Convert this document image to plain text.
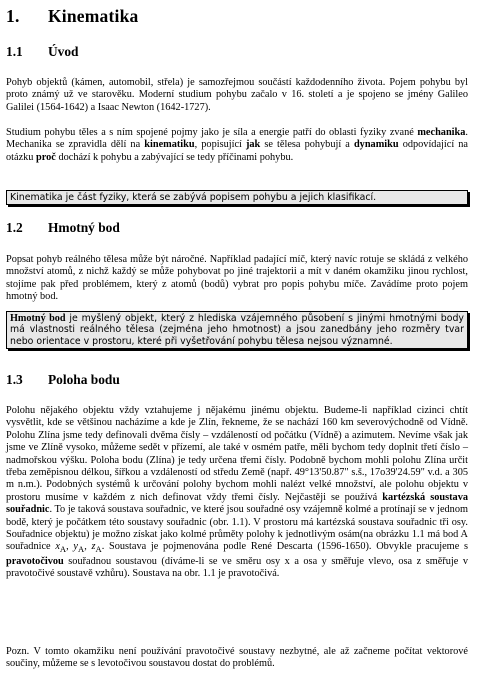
1. Kinematika
1.1 Úvod

Pohyb objektů (kámen, automobil, střela) je samozřejmou součástí každodenního života. Pojem pohybu byl proto známý už ve starověku. Moderní studium pohybu začalo v 16. století a je spojeno se jmény Galileo Galilei (1564-1642) a Isaac Newton (1642-1727).

Studium pohybu těles a s ním spojené pojmy jako je síla a energie patří do oblasti fyziky zvané mechanika. Mechanika se zpravidla dělí na kinematiku, popisující jak se tělesa pohybují a dynamiku odpovídající na otázku proč dochází k pohybu a zabývající se tedy příčinami pohybu.

Kinematika je část fyziky, která se zabývá popisem pohybu a jejich klasifikací.
1.2 Hmotný bod

Popsat pohyb reálného tělesa může být náročné. Například padající míč, který navíc rotuje se skládá z velkého množství atomů, z nichž každý se může pohybovat po jiné trajektorii a mít v daném okamžiku jinou rychlost, stojíme pak před problémem, který z atomů (bodů) vybrat pro popis pohybu míče. Zavádíme proto pojem hmotný bod.

Hmotný bod je myšlený objekt, který z hlediska vzájemného působení s jinými hmotnými body má vlastnosti reálného tělesa (zejména jeho hmotnost) a jsou zanedbány jeho rozměry tvar nebo orientace v prostoru, které při vyšetřování pohybu tělesa nejsou významné.
1.3 Poloha bodu

Polohu nějakého objektu vždy vztahujeme j nějakému jinému objektu. Budeme-li například cizinci chtít vysvětlit, kde se většinou nacházíme a kde je Zlín, řekneme, že se nachází 160 km severovýchodně od Vídně. Polohu Zlína jsme tedy definovali dvěma čísly – vzdáleností od počátku (Vídně) a azimutem. Nevíme však jak jsme ve Zlíně vysoko, můžeme sedět v přízemí, ale také v osmém patře, měli bychom tedy doplnit třetí číslo – nadmořskou výšku. Poloha bodu (Zlína) je tedy určena třemi čísly. Podobně bychom mohli polohu Zlína určit třeba zeměpisnou délkou, šířkou a vzdáleností od středu Země (např. 49°13'50.87" s.š., 17o39'24.59" v.d. a 305 m n.m.). Podobných systémů k určování polohy bychom mohli nalézt velké množství, ale polohu objektu v prostoru musíme v každém z nich definovat vždy třemi čísly. Nejčastěji se používá kartézská soustava souřadnic. To je taková soustava souřadnic, ve které jsou souřadné osy vzájemně kolmé a protínají se v jednom bodě, který je počátkem této soustavy souřadnic (obr. 1.1). V prostoru má kartézská soustava souřadnic tři osy. Souřadnice objektu) je možno získat jako kolmé průměty polohy k jednotlivým osám(na obrázku 1.1 má bod A souřadnice $x_A$, $y_A$, $z_A$. Soustava je pojmenována podle René Descarta (1596-1650). Obvykle pracujeme s pravotočivou souřadnou soustavou (díváme-li se ve směru osy x a osa y směřuje vlevo, osa z směřuje v pravotočivé soustavě vzhůru). Soustava na obr. 1.1 je pravotočivá.

Pozn. V tomto okamžiku není používání pravotočivé soustavy nezbytné, ale až začneme počítat vektorové součiny, můžeme se s levotočivou soustavou dostat do problémů.
